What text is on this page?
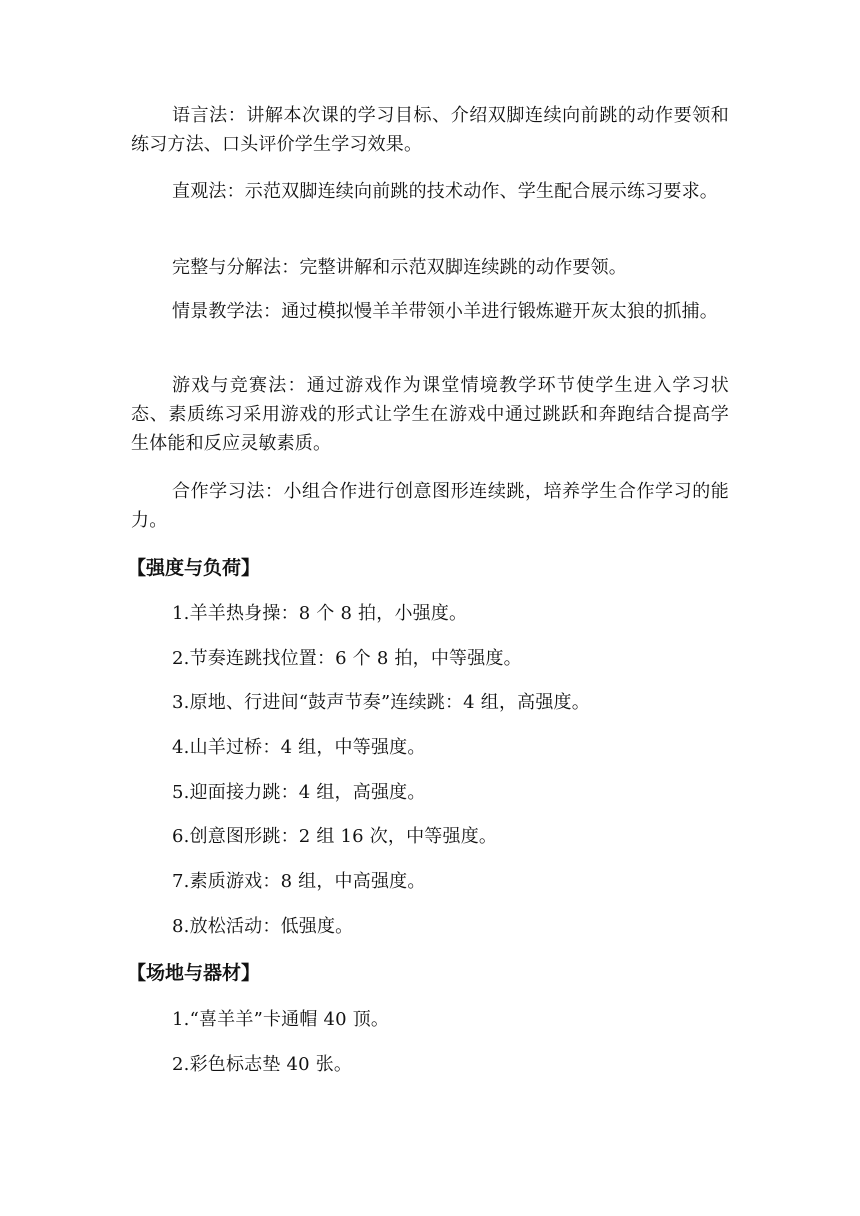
语言法：讲解本次课的学习目标、介绍双脚连续向前跳的动作要领和练习方法、口头评价学生学习效果。

直观法：示范双脚连续向前跳的技术动作、学生配合展示练习要求。

完整与分解法：完整讲解和示范双脚连续跳的动作要领。

情景教学法：通过模拟慢羊羊带领小羊进行锻炼避开灰太狼的抓捕。

游戏与竞赛法：通过游戏作为课堂情境教学环节使学生进入学习状态、素质练习采用游戏的形式让学生在游戏中通过跳跃和奔跑结合提高学生体能和反应灵敏素质。

合作学习法：小组合作进行创意图形连续跳，培养学生合作学习的能力。

【强度与负荷】

1.羊羊热身操：8 个 8 拍，小强度。

2.节奏连跳找位置：6 个 8 拍，中等强度。

3.原地、行进间“鼓声节奏”连续跳：4 组，高强度。

4.山羊过桥：4 组，中等强度。

5.迎面接力跳：4 组，高强度。

6.创意图形跳：2 组 16 次，中等强度。

7.素质游戏：8 组，中高强度。

8.放松活动：低强度。

【场地与器材】

1.“喜羊羊”卡通帽 40 顶。

2.彩色标志垫 40 张。
